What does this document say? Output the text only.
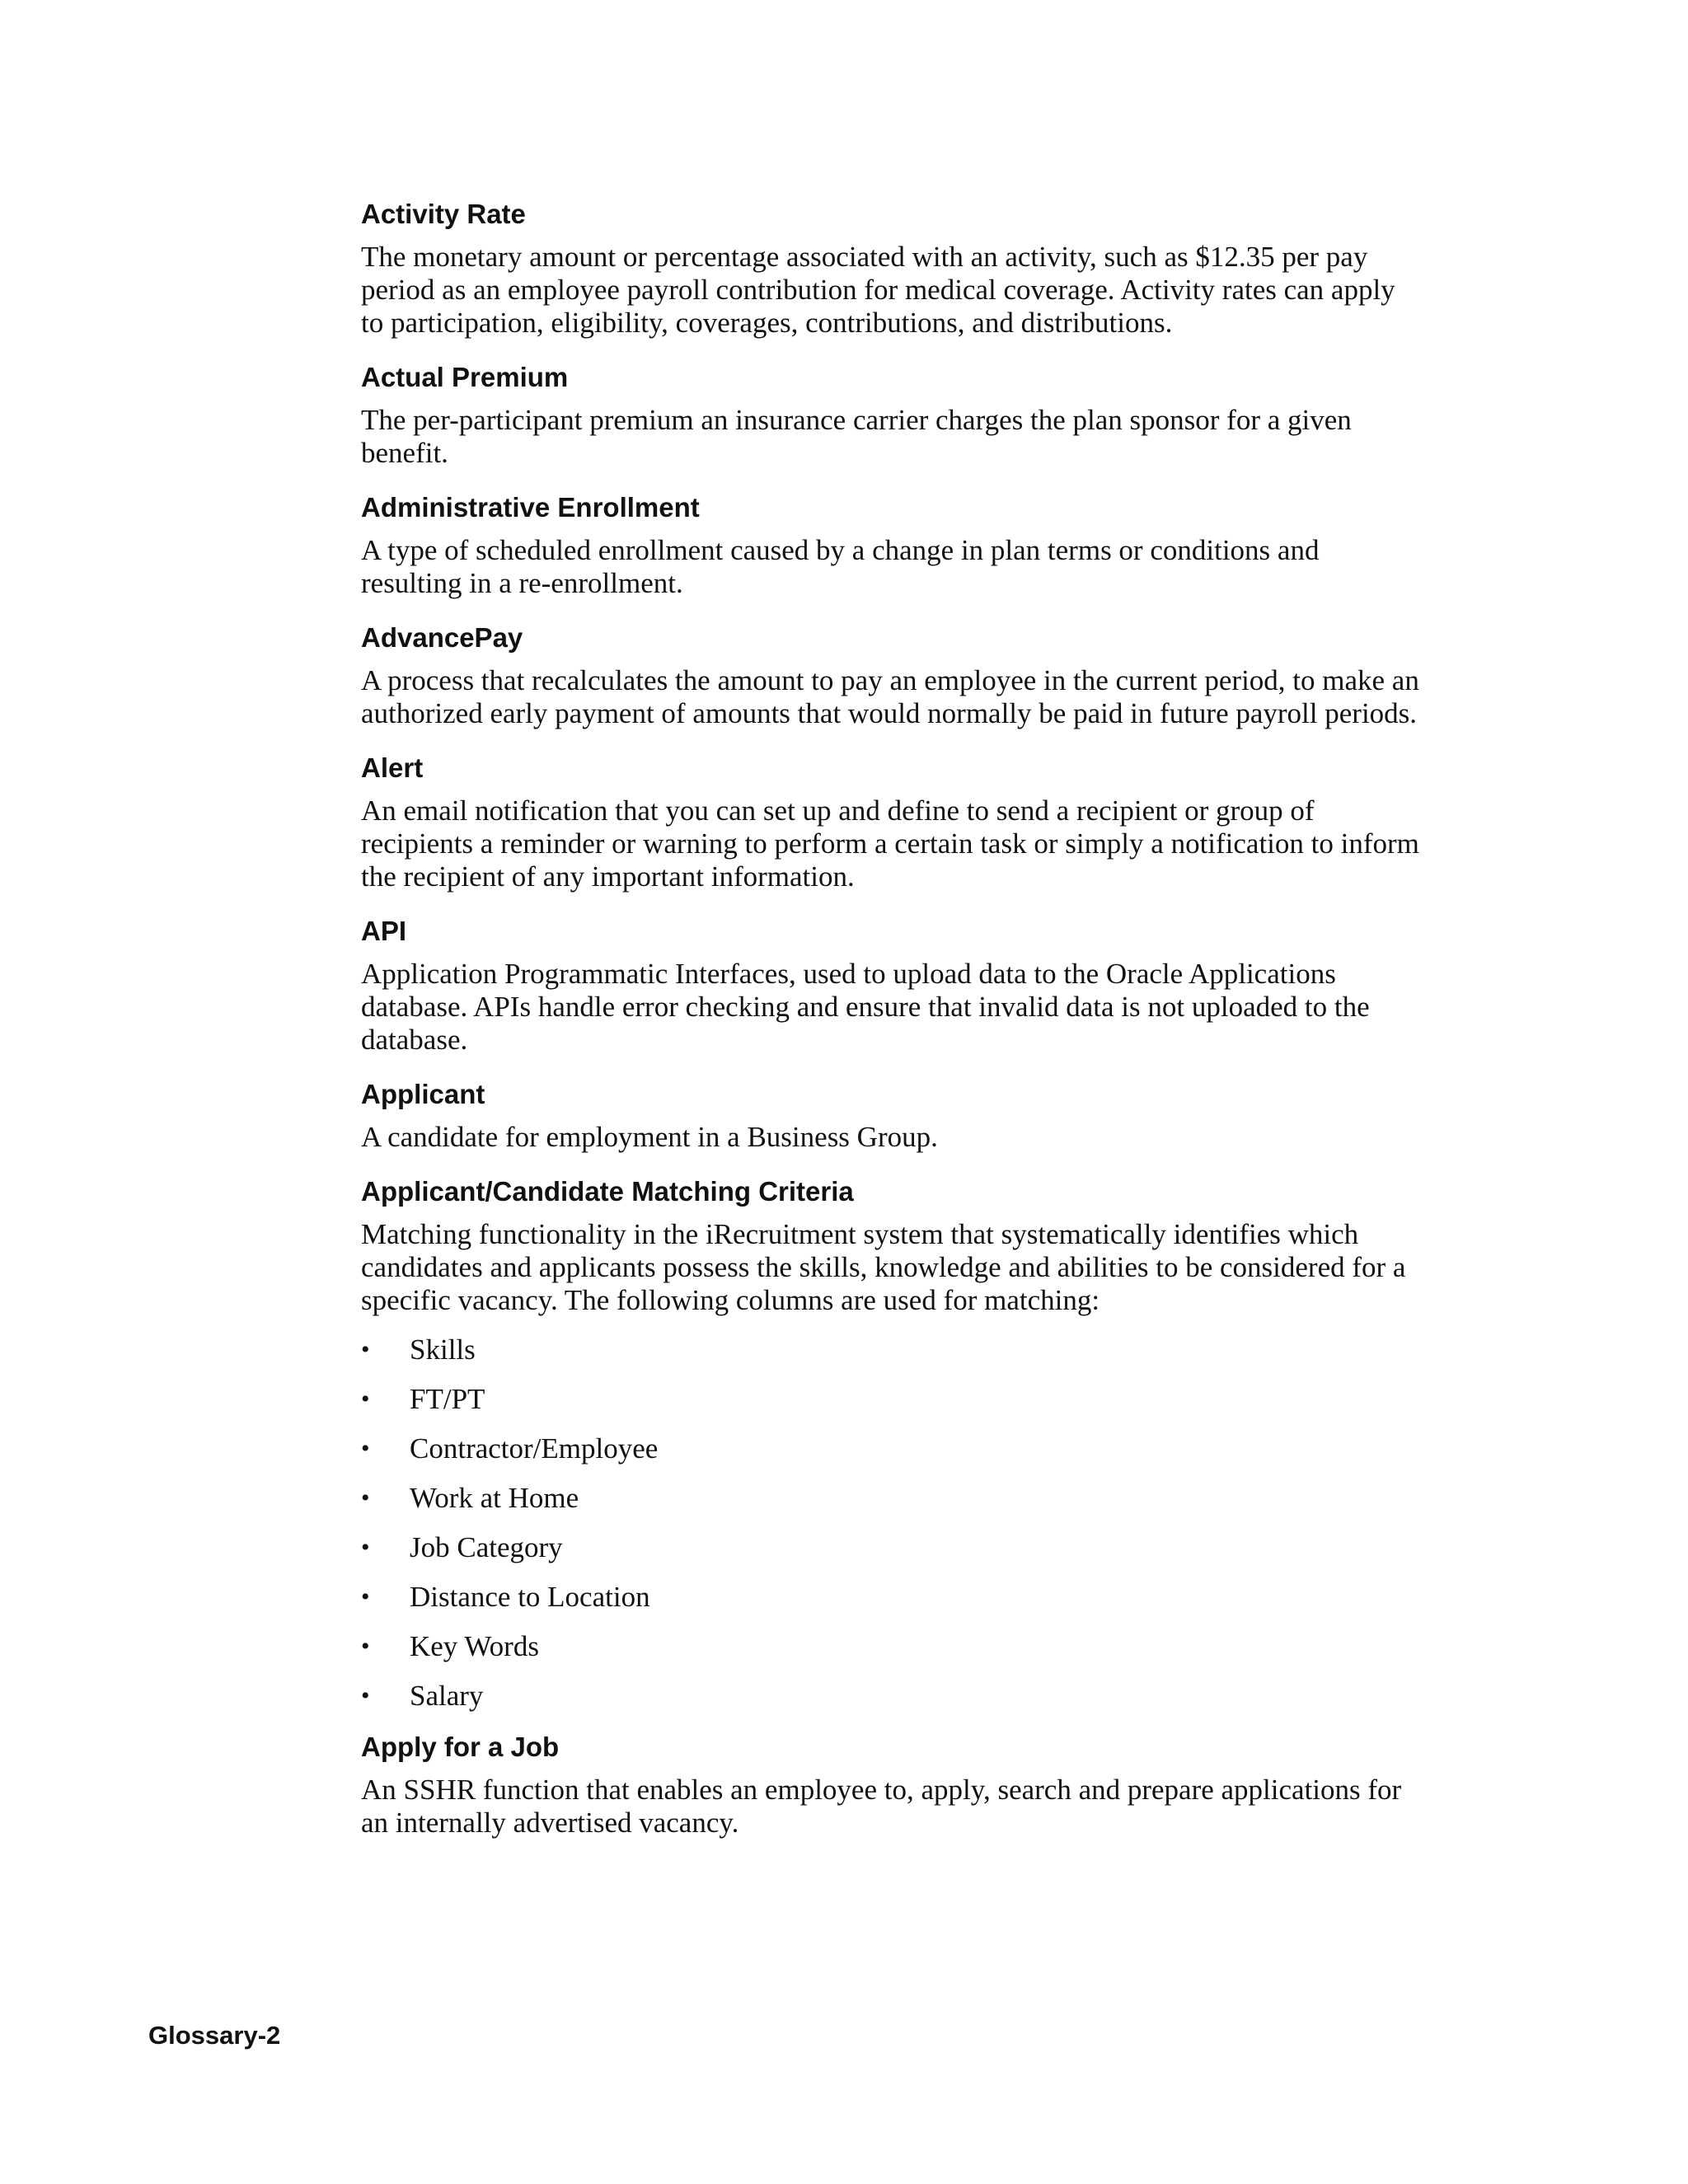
Activity Rate

The monetary amount or percentage associated with an activity, such as $12.35 per pay period as an employee payroll contribution for medical coverage. Activity rates can apply to participation, eligibility, coverages, contributions, and distributions.

Actual Premium

The per-participant premium an insurance carrier charges the plan sponsor for a given benefit.

Administrative Enrollment

A type of scheduled enrollment caused by a change in plan terms or conditions and resulting in a re-enrollment.

AdvancePay

A process that recalculates the amount to pay an employee in the current period, to make an authorized early payment of amounts that would normally be paid in future payroll periods.

Alert

An email notification that you can set up and define to send a recipient or group of recipients a reminder or warning to perform a certain task or simply a notification to inform the recipient of any important information.

API

Application Programmatic Interfaces, used to upload data to the Oracle Applications database. APIs handle error checking and ensure that invalid data is not uploaded to the database.

Applicant

A candidate for employment in a Business Group.

Applicant/Candidate Matching Criteria

Matching functionality in the iRecruitment system that systematically identifies which candidates and applicants possess the skills, knowledge and abilities to be considered for a specific vacancy. The following columns are used for matching:

•	Skills
•	FT/PT
•	Contractor/Employee
•	Work at Home
•	Job Category
•	Distance to Location
•	Key Words
•	Salary
Apply for a Job

An SSHR function that enables an employee to, apply, search and prepare applications for an internally advertised vacancy.

Glossary-2
